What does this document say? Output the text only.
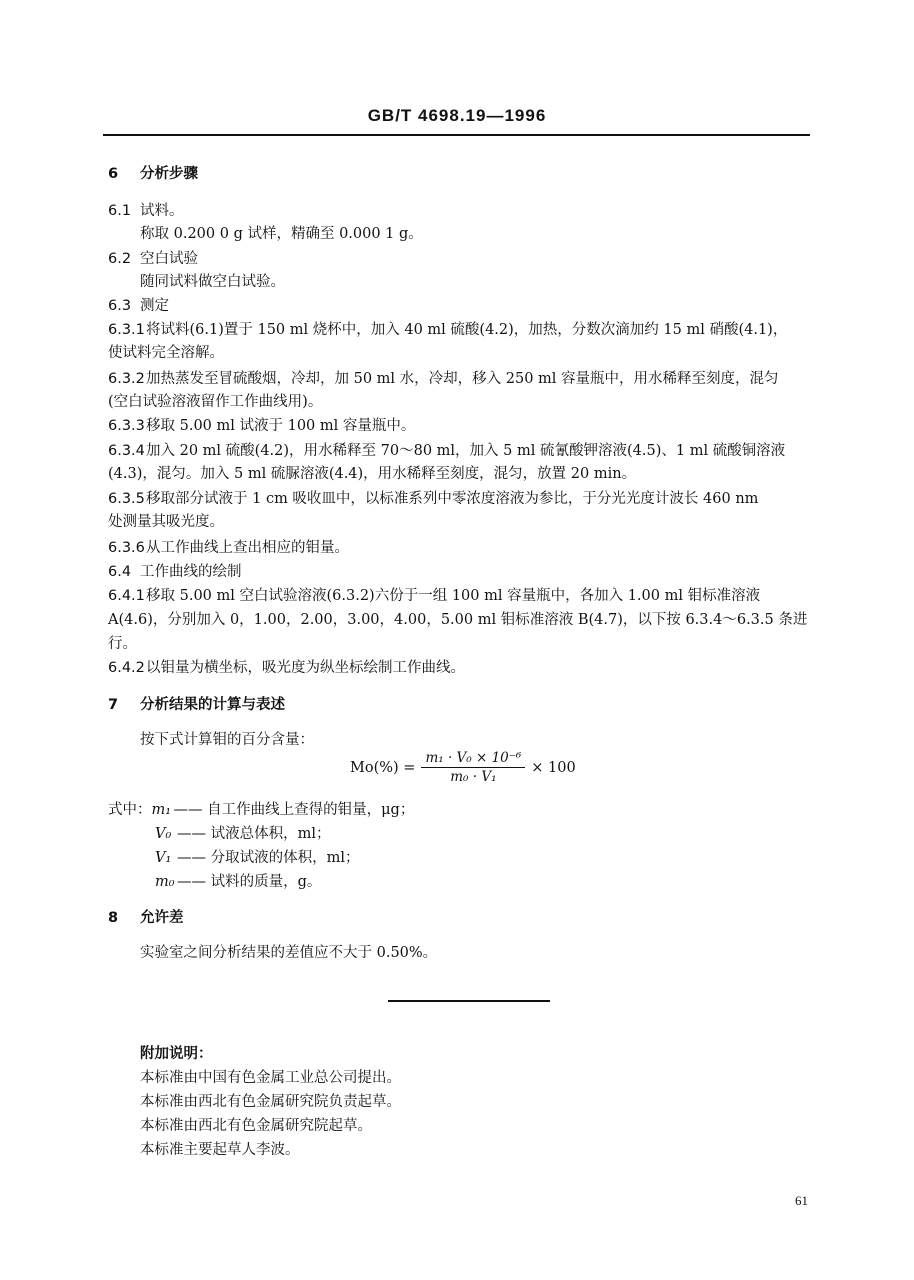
GB/T 4698.19—1996
6 分析步骤
6.1 试料。
称取 0.200 0 g 试样，精确至 0.000 1 g。
6.2 空白试验
随同试料做空白试验。
6.3 测定
6.3.1将试料(6.1)置于 150 ml 烧杯中，加入 40 ml 硫酸(4.2)，加热，分数次滴加约 15 ml 硝酸(4.1)，
使试料完全溶解。
6.3.2加热蒸发至冒硫酸烟，冷却，加 50 ml 水，冷却，移入 250 ml 容量瓶中，用水稀释至刻度，混匀
(空白试验溶液留作工作曲线用)。
6.3.3移取 5.00 ml 试液于 100 ml 容量瓶中。
6.3.4加入 20 ml 硫酸(4.2)，用水稀释至 70～80 ml，加入 5 ml 硫氰酸钾溶液(4.5)、1 ml 硫酸铜溶液
(4.3)，混匀。加入 5 ml 硫脲溶液(4.4)，用水稀释至刻度，混匀，放置 20 min。
6.3.5移取部分试液于 1 cm 吸收皿中，以标准系列中零浓度溶液为参比，于分光光度计波长 460 nm
处测量其吸光度。
6.3.6从工作曲线上查出相应的钼量。
6.4 工作曲线的绘制
6.4.1移取 5.00 ml 空白试验溶液(6.3.2)六份于一组 100 ml 容量瓶中，各加入 1.00 ml 钼标准溶液
A(4.6)，分别加入 0，1.00，2.00，3.00，4.00，5.00 ml 钼标准溶液 B(4.7)，以下按 6.3.4～6.3.5 条进
行。
6.4.2以钼量为横坐标，吸光度为纵坐标绘制工作曲线。
7 分析结果的计算与表述
按下式计算钼的百分含量：
$Mo(\%) = \frac{\text{m₁ · V₀ × 10⁻⁶}}{\text{m₀ · V₁}} \times 100$
式中：m₁ —— 自工作曲线上查得的钼量，μg；
V₀ —— 试液总体积，ml；
V₁ —— 分取试液的体积，ml；
m₀ —— 试料的质量，g。
8 允许差
实验室之间分析结果的差值应不大于 0.50%。
附加说明：
本标准由中国有色金属工业总公司提出。
本标准由西北有色金属研究院负责起草。
本标准由西北有色金属研究院起草。
本标准主要起草人李波。
61
